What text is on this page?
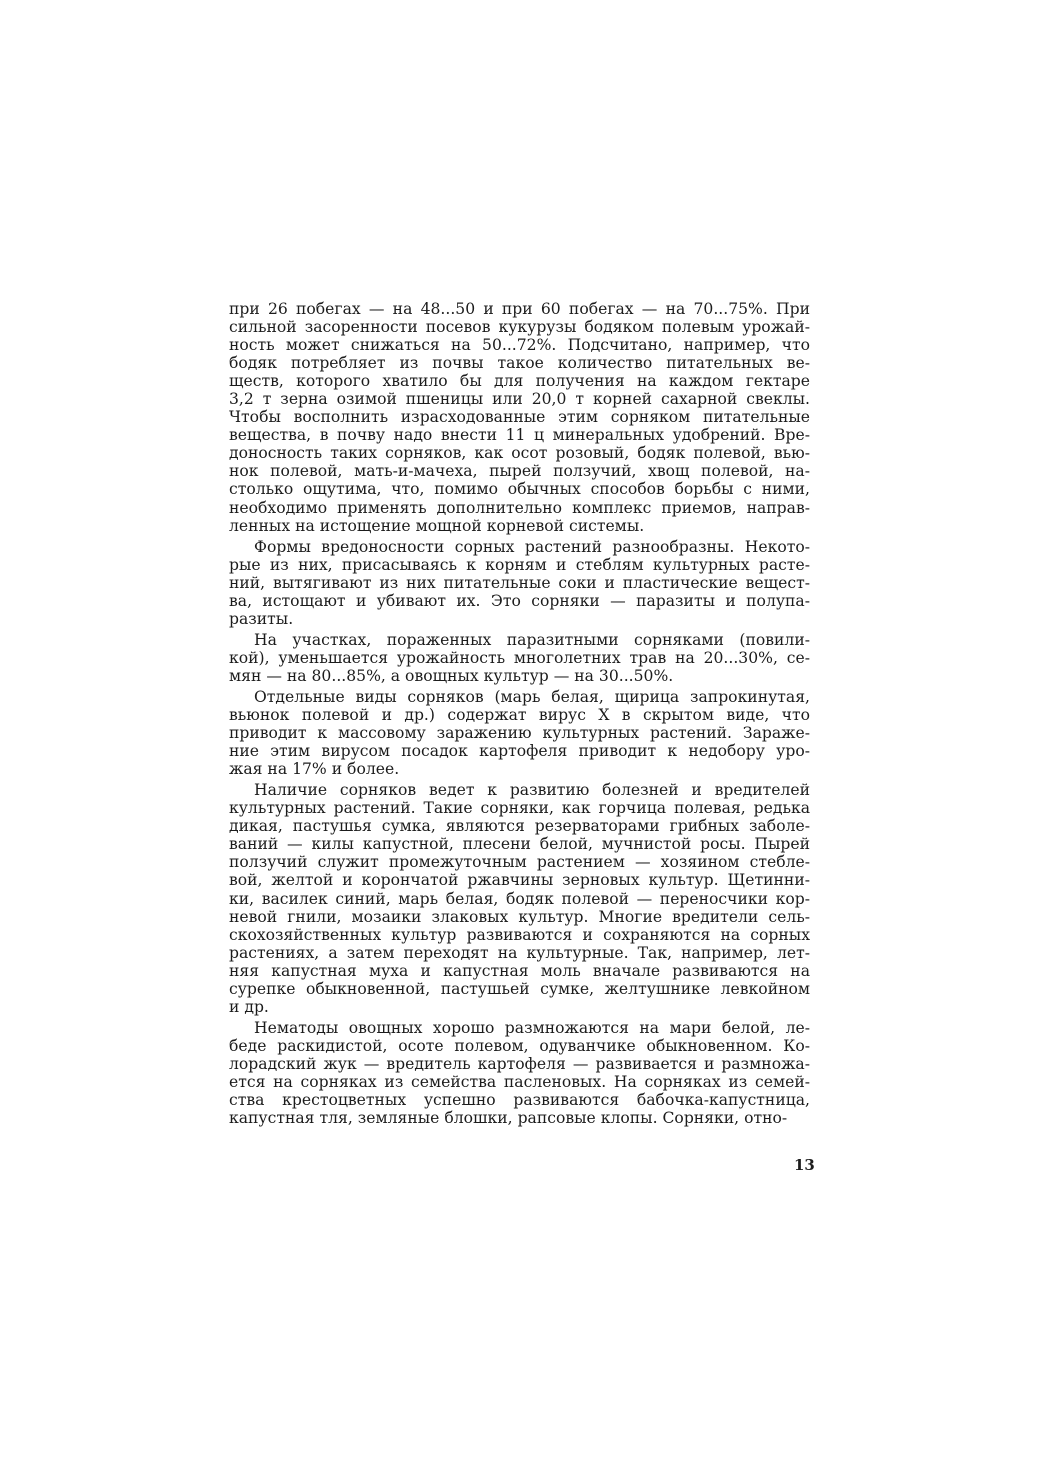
при 26 побегах — на 48...50 и при 60 побегах — на 70...75%. При
сильной засоренности посевов кукурузы бодяком полевым урожай-
ность может снижаться на 50...72%. Подсчитано, например, что
бодяк потребляет из почвы такое количество питательных ве-
ществ, которого хватило бы для получения на каждом гектаре
3,2 т зерна озимой пшеницы или 20,0 т корней сахарной свеклы.
Чтобы восполнить израсходованные этим сорняком питательные
вещества, в почву надо внести 11 ц минеральных удобрений. Вре-
доносность таких сорняков, как осот розовый, бодяк полевой, вью-
нок полевой, мать-и-мачеха, пырей ползучий, хвощ полевой, на-
столько ощутима, что, помимо обычных способов борьбы с ними,
необходимо применять дополнительно комплекс приемов, направ-
ленных на истощение мощной корневой системы.
Формы вредоносности сорных растений разнообразны. Некото-
рые из них, присасываясь к корням и стеблям культурных расте-
ний, вытягивают из них питательные соки и пластические вещест-
ва, истощают и убивают их. Это сорняки — паразиты и полупа-
разиты.
На участках, пораженных паразитными сорняками (повили-
кой), уменьшается урожайность многолетних трав на 20...30%, се-
мян — на 80...85%, а овощных культур — на 30...50%.
Отдельные виды сорняков (марь белая, щирица запрокинутая,
вьюнок полевой и др.) содержат вирус X в скрытом виде, что
приводит к массовому заражению культурных растений. Зараже-
ние этим вирусом посадок картофеля приводит к недобору уро-
жая на 17% и более.
Наличие сорняков ведет к развитию болезней и вредителей
культурных растений. Такие сорняки, как горчица полевая, редька
дикая, пастушья сумка, являются резерваторами грибных заболе-
ваний — килы капустной, плесени белой, мучнистой росы. Пырей
ползучий служит промежуточным растением — хозяином стебле-
вой, желтой и корончатой ржавчины зерновых культур. Щетинни-
ки, василек синий, марь белая, бодяк полевой — переносчики кор-
невой гнили, мозаики злаковых культур. Многие вредители сель-
скохозяйственных культур развиваются и сохраняются на сорных
растениях, а затем переходят на культурные. Так, например, лет-
няя капустная муха и капустная моль вначале развиваются на
сурепке обыкновенной, пастушьей сумке, желтушнике левкойном
и др.
Нематоды овощных хорошо размножаются на мари белой, ле-
беде раскидистой, осоте полевом, одуванчике обыкновенном. Ко-
лорадский жук — вредитель картофеля — развивается и размножа-
ется на сорняках из семейства пасленовых. На сорняках из семей-
ства крестоцветных успешно развиваются бабочка-капустница,
капустная тля, земляные блошки, рапсовые клопы. Сорняки, отно-
13
